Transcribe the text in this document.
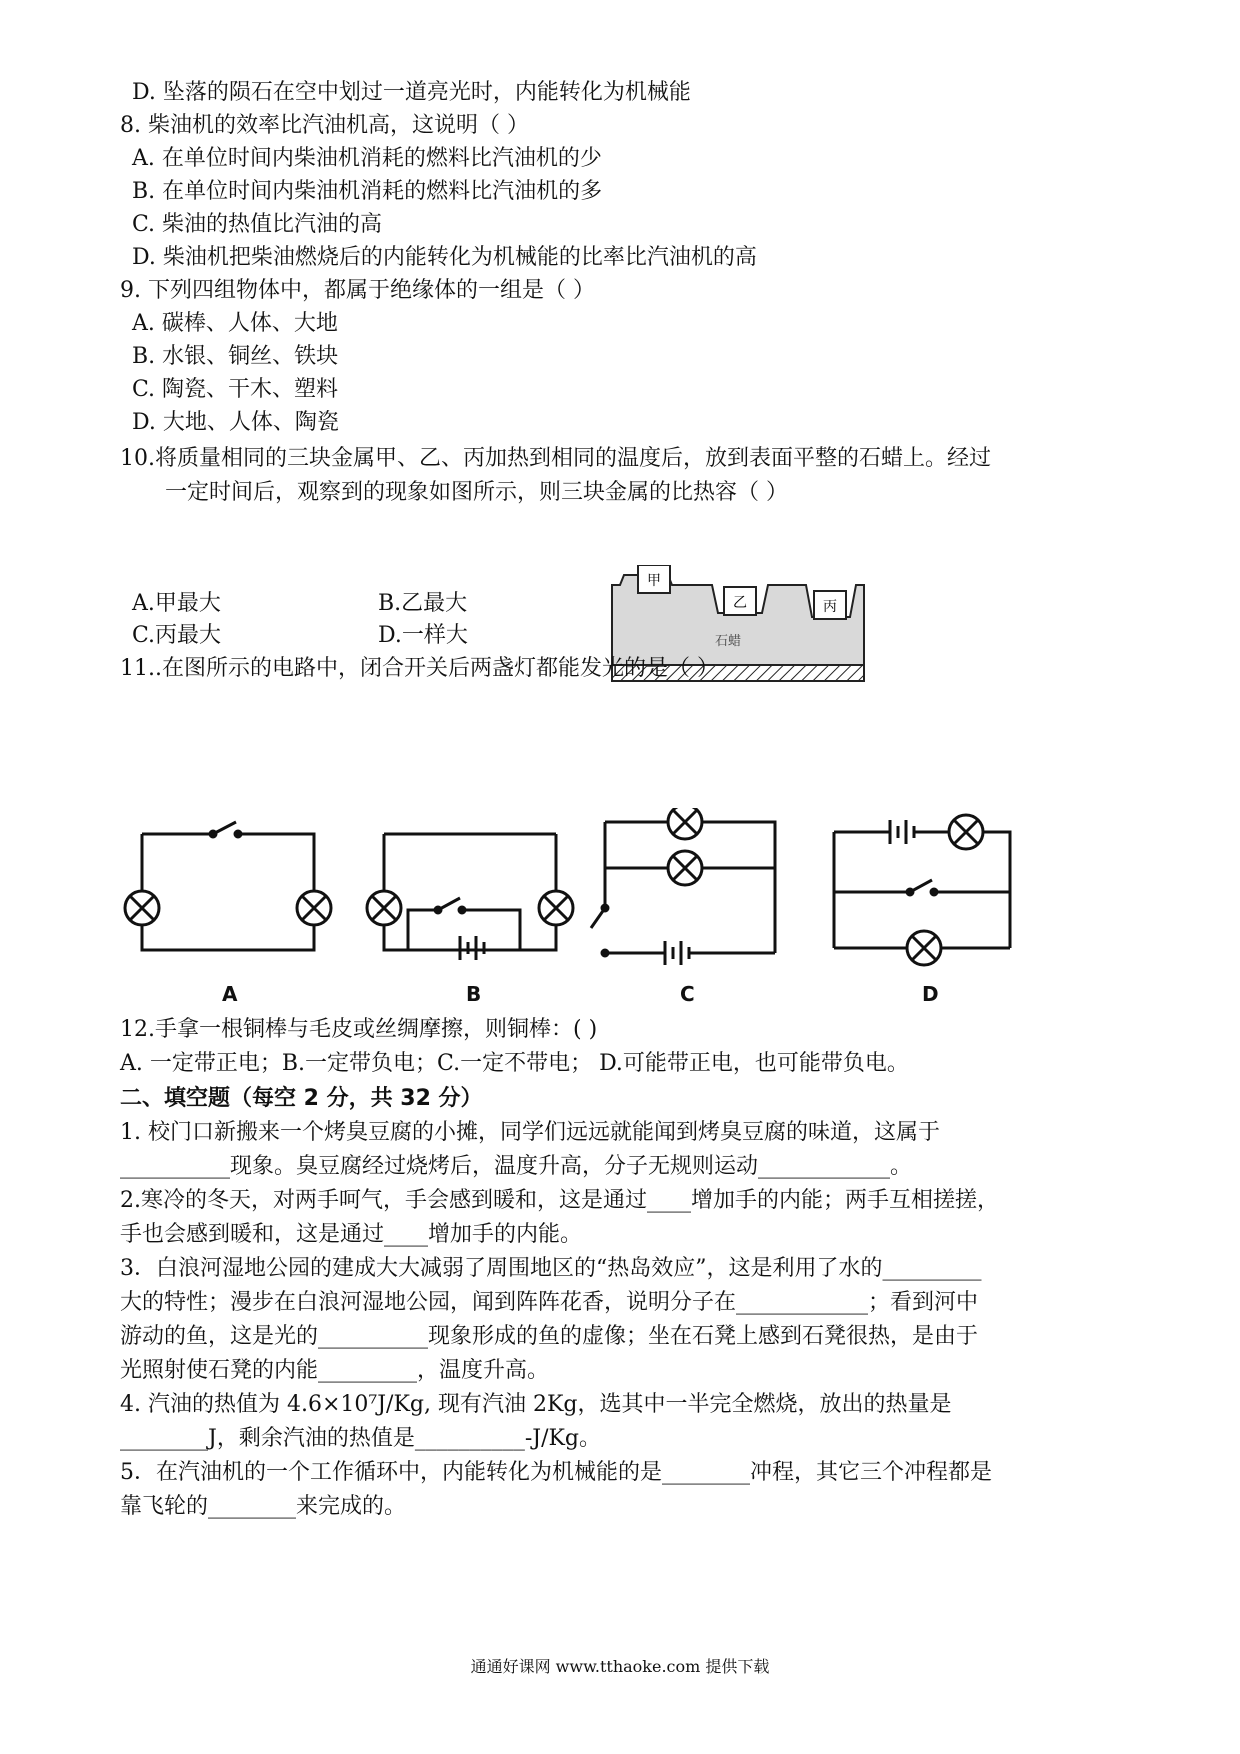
D. 坠落的陨石在空中划过一道亮光时，内能转化为机械能
8. 柴油机的效率比汽油机高，这说明（ ）
A. 在单位时间内柴油机消耗的燃料比汽油机的少
B. 在单位时间内柴油机消耗的燃料比汽油机的多
C. 柴油的热值比汽油的高
D. 柴油机把柴油燃烧后的内能转化为机械能的比率比汽油机的高
9. 下列四组物体中，都属于绝缘体的一组是（ ）
A. 碳棒、人体、大地
B. 水银、铜丝、铁块
C. 陶瓷、干木、塑料
D. 大地、人体、陶瓷
10.将质量相同的三块金属甲、乙、丙加热到相同的温度后，放到表面平整的石蜡上。经过
一定时间后，观察到的现象如图所示，则三块金属的比热容（ ）
A.甲最大	B.乙最大
C.丙最大	D.一样大
甲
乙	丙
石蜡
11..在图所示的电路中，闭合开关后两盏灯都能发光的是（ ）
A	B	C	D
12.手拿一根铜棒与毛皮或丝绸摩擦，则铜棒：( )
A. 一定带正电；B.一定带负电；C.一定不带电； D.可能带正电，也可能带负电。
二、填空题（每空 2 分，共 32 分）
1. 校门口新搬来一个烤臭豆腐的小摊，同学们远远就能闻到烤臭豆腐的味道，这属于
__________现象。臭豆腐经过烧烤后，温度升高，分子无规则运动____________。
2.寒冷的冬天，对两手呵气，手会感到暖和，这是通过____增加手的内能；两手互相搓搓，
手也会感到暖和，这是通过____增加手的内能。
3．白浪河湿地公园的建成大大减弱了周围地区的“热岛效应”，这是利用了水的_________
大的特性；漫步在白浪河湿地公园，闻到阵阵花香，说明分子在____________；看到河中
游动的鱼，这是光的__________现象形成的鱼的虚像；坐在石凳上感到石凳很热，是由于
光照射使石凳的内能_________，温度升高。
4. 汽油的热值为 4.6×10⁷J/Kg, 现有汽油 2Kg，选其中一半完全燃烧，放出的热量是
________J，剩余汽油的热值是__________-J/Kg。
5．在汽油机的一个工作循环中，内能转化为机械能的是________冲程，其它三个冲程都是
靠飞轮的________来完成的。
通通好课网 www.tthaoke.com 提供下载
